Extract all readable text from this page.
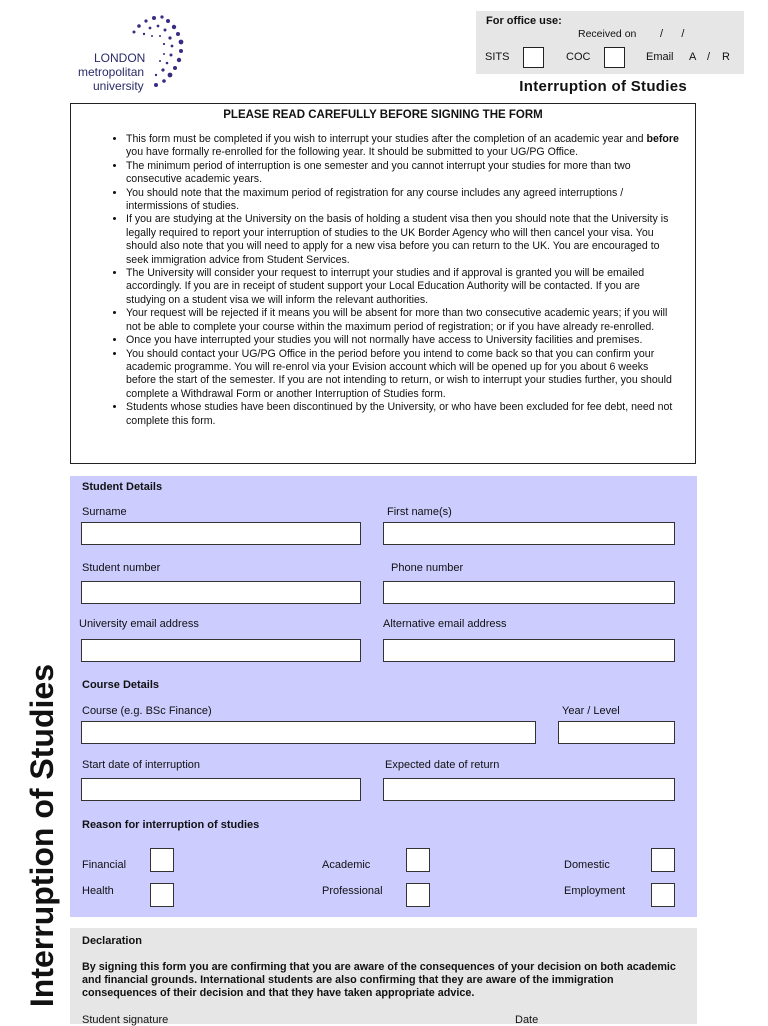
LONDON
metropolitan
university
For office use:
Received on /      /
SITS	COC	Email A / R
Interruption of Studies
PLEASE READ CAREFULLY BEFORE SIGNING THE FORM
• This form must be completed if you wish to interrupt your studies after the completion of an academic year and before you have formally re-enrolled for the following year. It should be submitted to your UG/PG Office.
• The minimum period of interruption is one semester and you cannot interrupt your studies for more than two consecutive academic years.
• You should note that the maximum period of registration for any course includes any agreed interruptions / intermissions of studies.
• If you are studying at the University on the basis of holding a student visa then you should note that the University is legally required to report your interruption of studies to the UK Border Agency who will then cancel your visa. You should also note that you will need to apply for a new visa before you can return to the UK. You are encouraged to seek immigration advice from Student Services.
• The University will consider your request to interrupt your studies and if approval is granted you will be emailed accordingly. If you are in receipt of student support your Local Education Authority will be contacted. If you are studying on a student visa we will inform the relevant authorities.
• Your request will be rejected if it means you will be absent for more than two consecutive academic years; if you will not be able to complete your course within the maximum period of registration; or if you have already re-enrolled.
• Once you have interrupted your studies you will not normally have access to University facilities and premises.
• You should contact your UG/PG Office in the period before you intend to come back so that you can confirm your academic programme. You will re-enrol via your Evision account which will be opened up for you about 6 weeks before the start of the semester. If you are not intending to return, or wish to interrupt your studies further, you should complete a Withdrawal Form or another Interruption of Studies form.
• Students whose studies have been discontinued by the University, or who have been excluded for fee debt, need not complete this form.
Student Details
Surname	First name(s)
Student number	Phone number
University email address	Alternative email address
Course Details
Course (e.g. BSc Finance)	Year / Level
Start date of interruption	Expected date of return
Reason for interruption of studies
Financial	Academic	Domestic
Health	Professional	Employment
Declaration
By signing this form you are confirming that you are aware of the consequences of your decision on both academic and financial grounds. International students are also confirming that they are aware of the immigration consequences of their decision and that they have taken appropriate advice.
Student signature	Date
Interruption of Studies
